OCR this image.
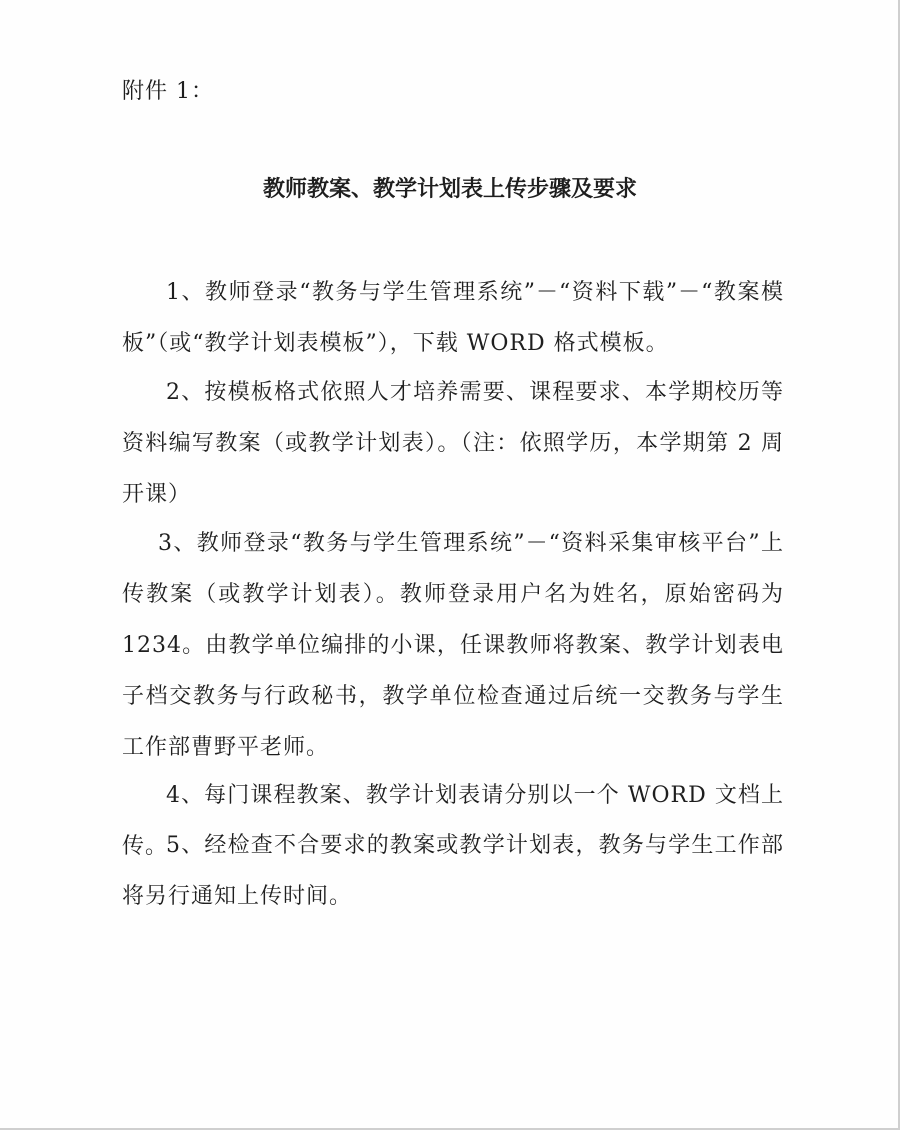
附件 1：
教师教案、教学计划表上传步骤及要求

1、教师登录“教务与学生管理系统”－“资料下载”－“教案模板”（或“教学计划表模板”），下载 WORD 格式模板。

2、按模板格式依照人才培养需要、课程要求、本学期校历等资料编写教案（或教学计划表）。（注：依照学历，本学期第 2 周开课）

3、教师登录“教务与学生管理系统”－“资料采集审核平台”上传教案（或教学计划表）。教师登录用户名为姓名，原始密码为 1234。由教学单位编排的小课，任课教师将教案、教学计划表电子档交教务与行政秘书，教学单位检查通过后统一交教务与学生工作部曹野平老师。

4、每门课程教案、教学计划表请分别以一个 WORD 文档上传。

5、经检查不合要求的教案或教学计划表，教务与学生工作部将另行通知上传时间。
